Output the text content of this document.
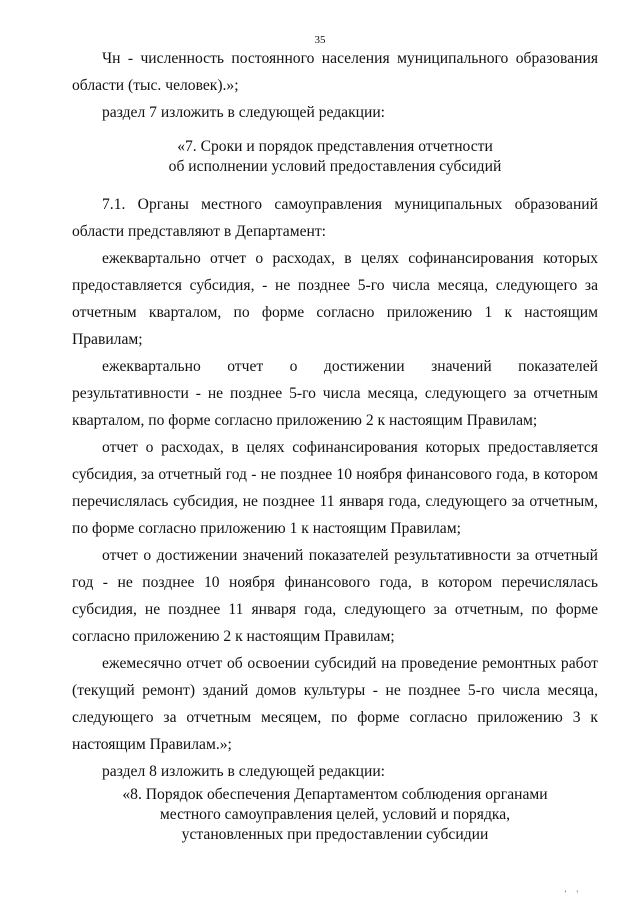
35

Чн - численность постоянного населения муниципального образования области (тыс. человек).»;

раздел 7 изложить в следующей редакции:

«7. Сроки и порядок представления отчетности
об исполнении условий предоставления субсидий

7.1. Органы местного самоуправления муниципальных образований области представляют в Департамент:

ежеквартально отчет о расходах, в целях софинансирования которых предоставляется субсидия, - не позднее 5-го числа месяца, следующего за отчетным кварталом, по форме согласно приложению 1 к настоящим Правилам;

ежеквартально отчет о достижении значений показателей результативности - не позднее 5-го числа месяца, следующего за отчетным кварталом, по форме согласно приложению 2 к настоящим Правилам;

отчет о расходах, в целях софинансирования которых предоставляется субсидия, за отчетный год - не позднее 10 ноября финансового года, в котором перечислялась субсидия, не позднее 11 января года, следующего за отчетным, по форме согласно приложению 1 к настоящим Правилам;

отчет о достижении значений показателей результативности за отчетный год - не позднее 10 ноября финансового года, в котором перечислялась субсидия, не позднее 11 января года, следующего за отчетным, по форме согласно приложению 2 к настоящим Правилам;

ежемесячно отчет об освоении субсидий на проведение ремонтных работ (текущий ремонт) зданий домов культуры - не позднее 5-го числа месяца, следующего за отчетным месяцем, по форме согласно приложению 3 к настоящим Правилам.»;

раздел 8 изложить в следующей редакции:

«8. Порядок обеспечения Департаментом соблюдения органами
местного самоуправления целей, условий и порядка,
установленных при предоставлении субсидии
' '
